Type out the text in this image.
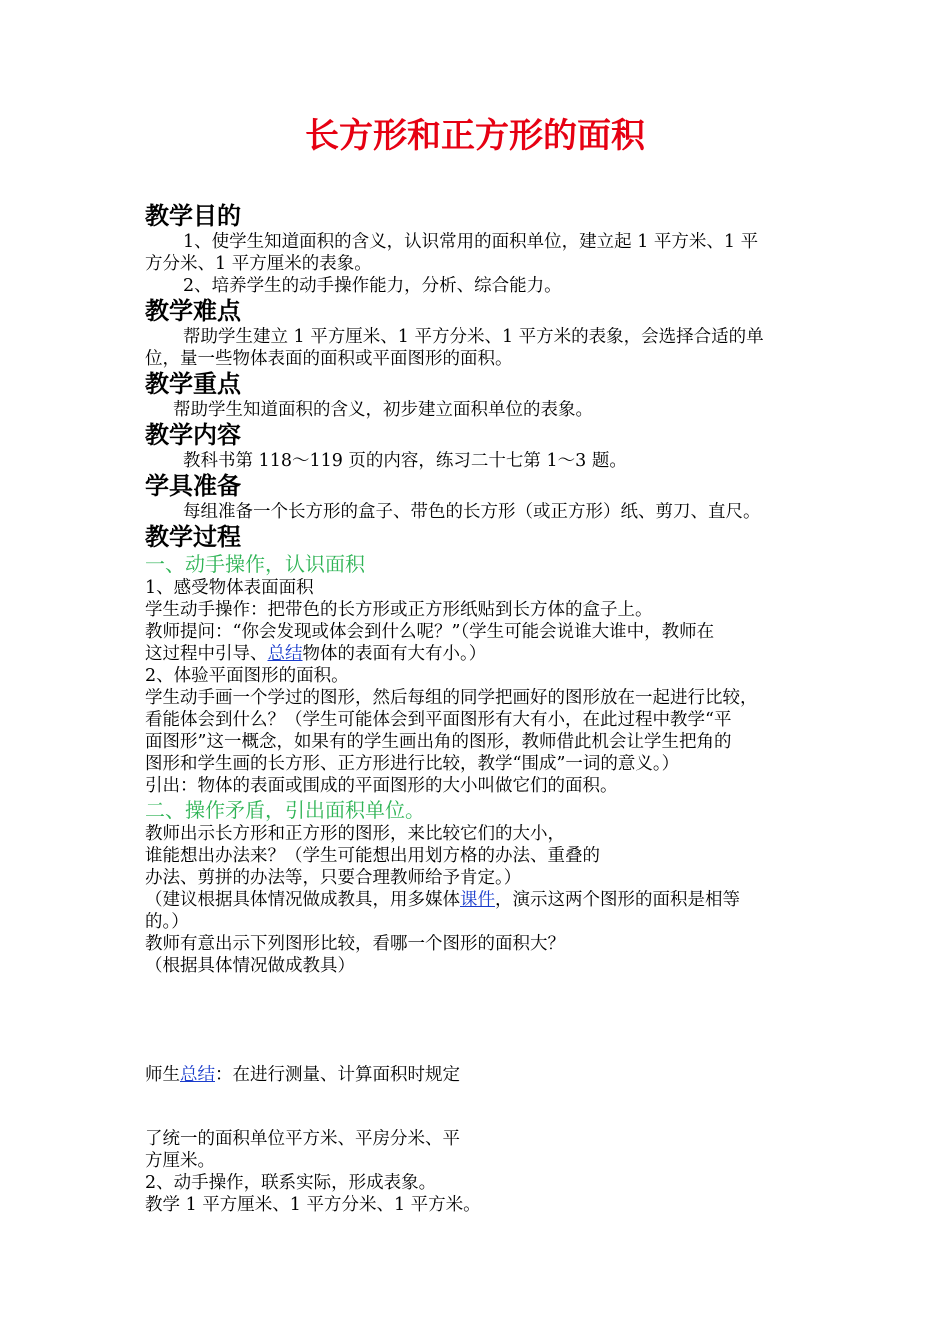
长方形和正方形的面积
教学目的
1、使学生知道面积的含义，认识常用的面积单位，建立起 1 平方米、1 平
方分米、1 平方厘米的表象。
2、培养学生的动手操作能力，分析、综合能力。
教学难点
帮助学生建立 1 平方厘米、1 平方分米、1 平方米的表象，会选择合适的单
位，量一些物体表面的面积或平面图形的面积。
教学重点
帮助学生知道面积的含义，初步建立面积单位的表象。
教学内容
教科书第 118～119 页的内容，练习二十七第 1～3 题。
学具准备
每组准备一个长方形的盒子、带色的长方形（或正方形）纸、剪刀、直尺。
教学过程
一、动手操作，认识面积
1、感受物体表面面积
学生动手操作：把带色的长方形或正方形纸贴到长方体的盒子上。
教师提问：“你会发现或体会到什么呢？”（学生可能会说谁大谁中，教师在
这过程中引导、总结物体的表面有大有小。）
2、体验平面图形的面积。
学生动手画一个学过的图形，然后每组的同学把画好的图形放在一起进行比较，
看能体会到什么？（学生可能体会到平面图形有大有小，在此过程中教学“平
面图形”这一概念，如果有的学生画出角的图形，教师借此机会让学生把角的
图形和学生画的长方形、正方形进行比较，教学“围成”一词的意义。）
引出：物体的表面或围成的平面图形的大小叫做它们的面积。
二、操作矛盾，引出面积单位。
教师出示长方形和正方形的图形，来比较它们的大小，
谁能想出办法来？（学生可能想出用划方格的办法、重叠的
办法、剪拼的办法等，只要合理教师给予肯定。）
（建议根据具体情况做成教具，用多媒体课件，演示这两个图形的面积是相等
的。）
教师有意出示下列图形比较，看哪一个图形的面积大？
（根据具体情况做成教具）
师生总结：在进行测量、计算面积时规定
了统一的面积单位平方米、平房分米、平
方厘米。
2、动手操作，联系实际，形成表象。
教学 1 平方厘米、1 平方分米、1 平方米。
